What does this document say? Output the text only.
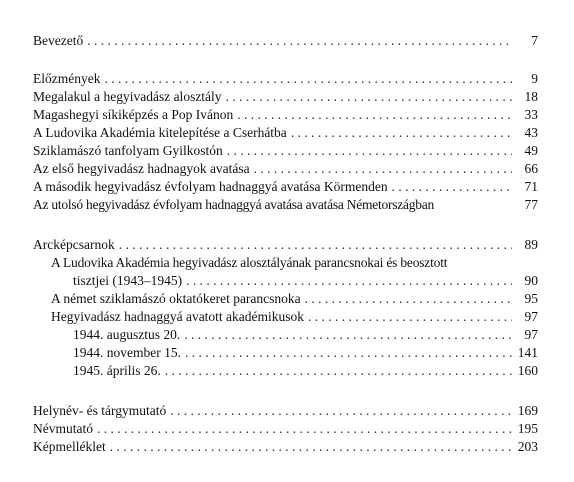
Bevezető . . .	7
Előzmények . . .	9
Megalakul a hegyivadász alosztály . . .	18
Magashegyi síkiképzés a Pop Ivánon . . .	33
A Ludovika Akadémia kitelepítése a Cserhátba . . .	43
Sziklamászó tanfolyam Gyilkostón . . .	49
Az első hegyivadász hadnagyok avatása . . .	66
A második hegyivadász évfolyam hadnaggyá avatása Körmenden . . .	71
Az utolsó hegyivadász évfolyam hadnaggyá avatása avatása Németországban	77
Arcképcsarnok . . .	89
A Ludovika Akadémia hegyivadász alosztályának parancsnokai és beosztott
tisztjei (1943–1945) . . .	90
A német sziklamászó oktatókeret parancsnoka . . .	95
Hegyivadász hadnaggyá avatott akadémikusok . . .	97
1944. augusztus 20. . . .	97
1944. november 15. . . .	141
1945. április 26. . . .	160
Helynév- és tárgymutató . . .	169
Névmutató . . .	195
Képmelléklet . . .	203
